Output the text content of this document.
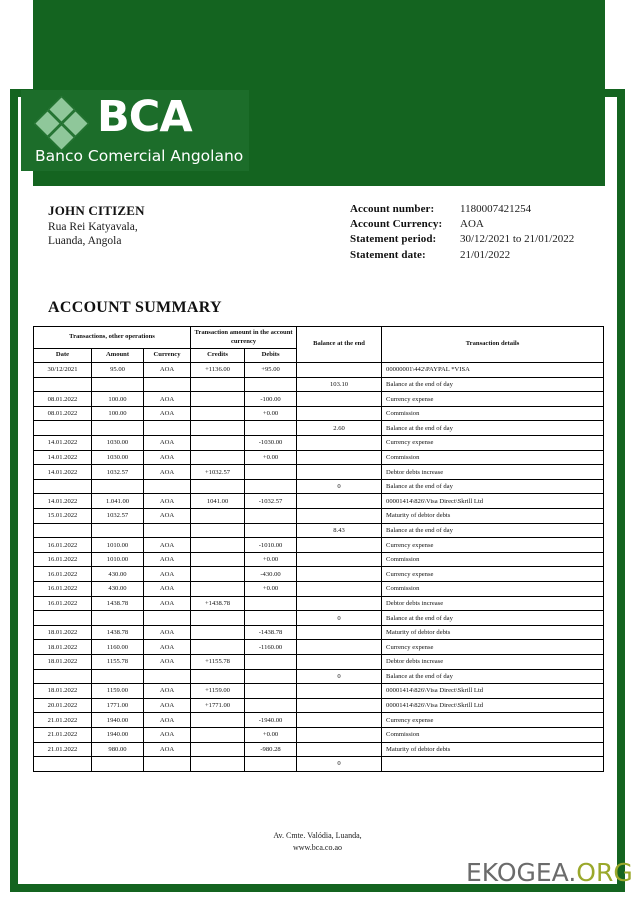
BCA
Banco Comercial Angolano
JOHN CITIZEN
Rua Rei Katyavala,
Luanda, Angola
Account number:	1180007421254
Account Currency:	AOA
Statement period:	30/12/2021 to 21/01/2022
Statement date:	21/01/2022
ACCOUNT SUMMARY
Transactions, other operations			Transaction amount in the account currency		Balance at the end	Transaction details
Date	Amount	Currency	Credits	Debits		
30/12/2021	95.00	AOA	+1136.00	+95.00		00000001\442\PAYPAL *VISA
					103.10	Balance at the end of day
08.01.2022	100.00	AOA		-100.00		Currency expense
08.01.2022	100.00	AOA		+0.00		Commission
					2.60	Balance at the end of day
14.01.2022	1030.00	AOA		-1030.00		Currency expense
14.01.2022	1030.00	AOA		+0.00		Commission
14.01.2022	1032.57	AOA	+1032.57			Debtor debts increase
					0	Balance at the end of day
14.01.2022	1.041.00	AOA	1041.00	-1032.57		00001414\826\Visa Direct\Skrill Ltd
15.01.2022	1032.57	AOA				Maturity of debtor debts
					8.43	Balance at the end of day
16.01.2022	1010.00	AOA		-1010.00		Currency expense
16.01.2022	1010.00	AOA		+0.00		Commission
16.01.2022	430.00	AOA		-430.00		Currency expense
16.01.2022	430.00	AOA		+0.00		Commission
16.01.2022	1438.78	AOA	+1438.78			Debtor debts increase
					0	Balance at the end of day
18.01.2022	1438.78	AOA		-1438.78		Maturity of debtor debts
18.01.2022	1160.00	AOA		-1160.00		Currency expense
18.01.2022	1155.78	AOA	+1155.78			Debtor debts increase
					0	Balance at the end of day
18.01.2022	1159.00	AOA	+1159.00			00001414\826\Visa Direct\Skrill Ltd
20.01.2022	1771.00	AOA	+1771.00			00001414\826\Visa Direct\Skrill Ltd
21.01.2022	1940.00	AOA		-1940.00		Currency expense
21.01.2022	1940.00	AOA		+0.00		Commission
21.01.2022	980.00	AOA		-980.28		Maturity of debtor debts
					0	
Av. Cmte. Valódia, Luanda,
www.bca.co.ao
EKOGEA.ORG
